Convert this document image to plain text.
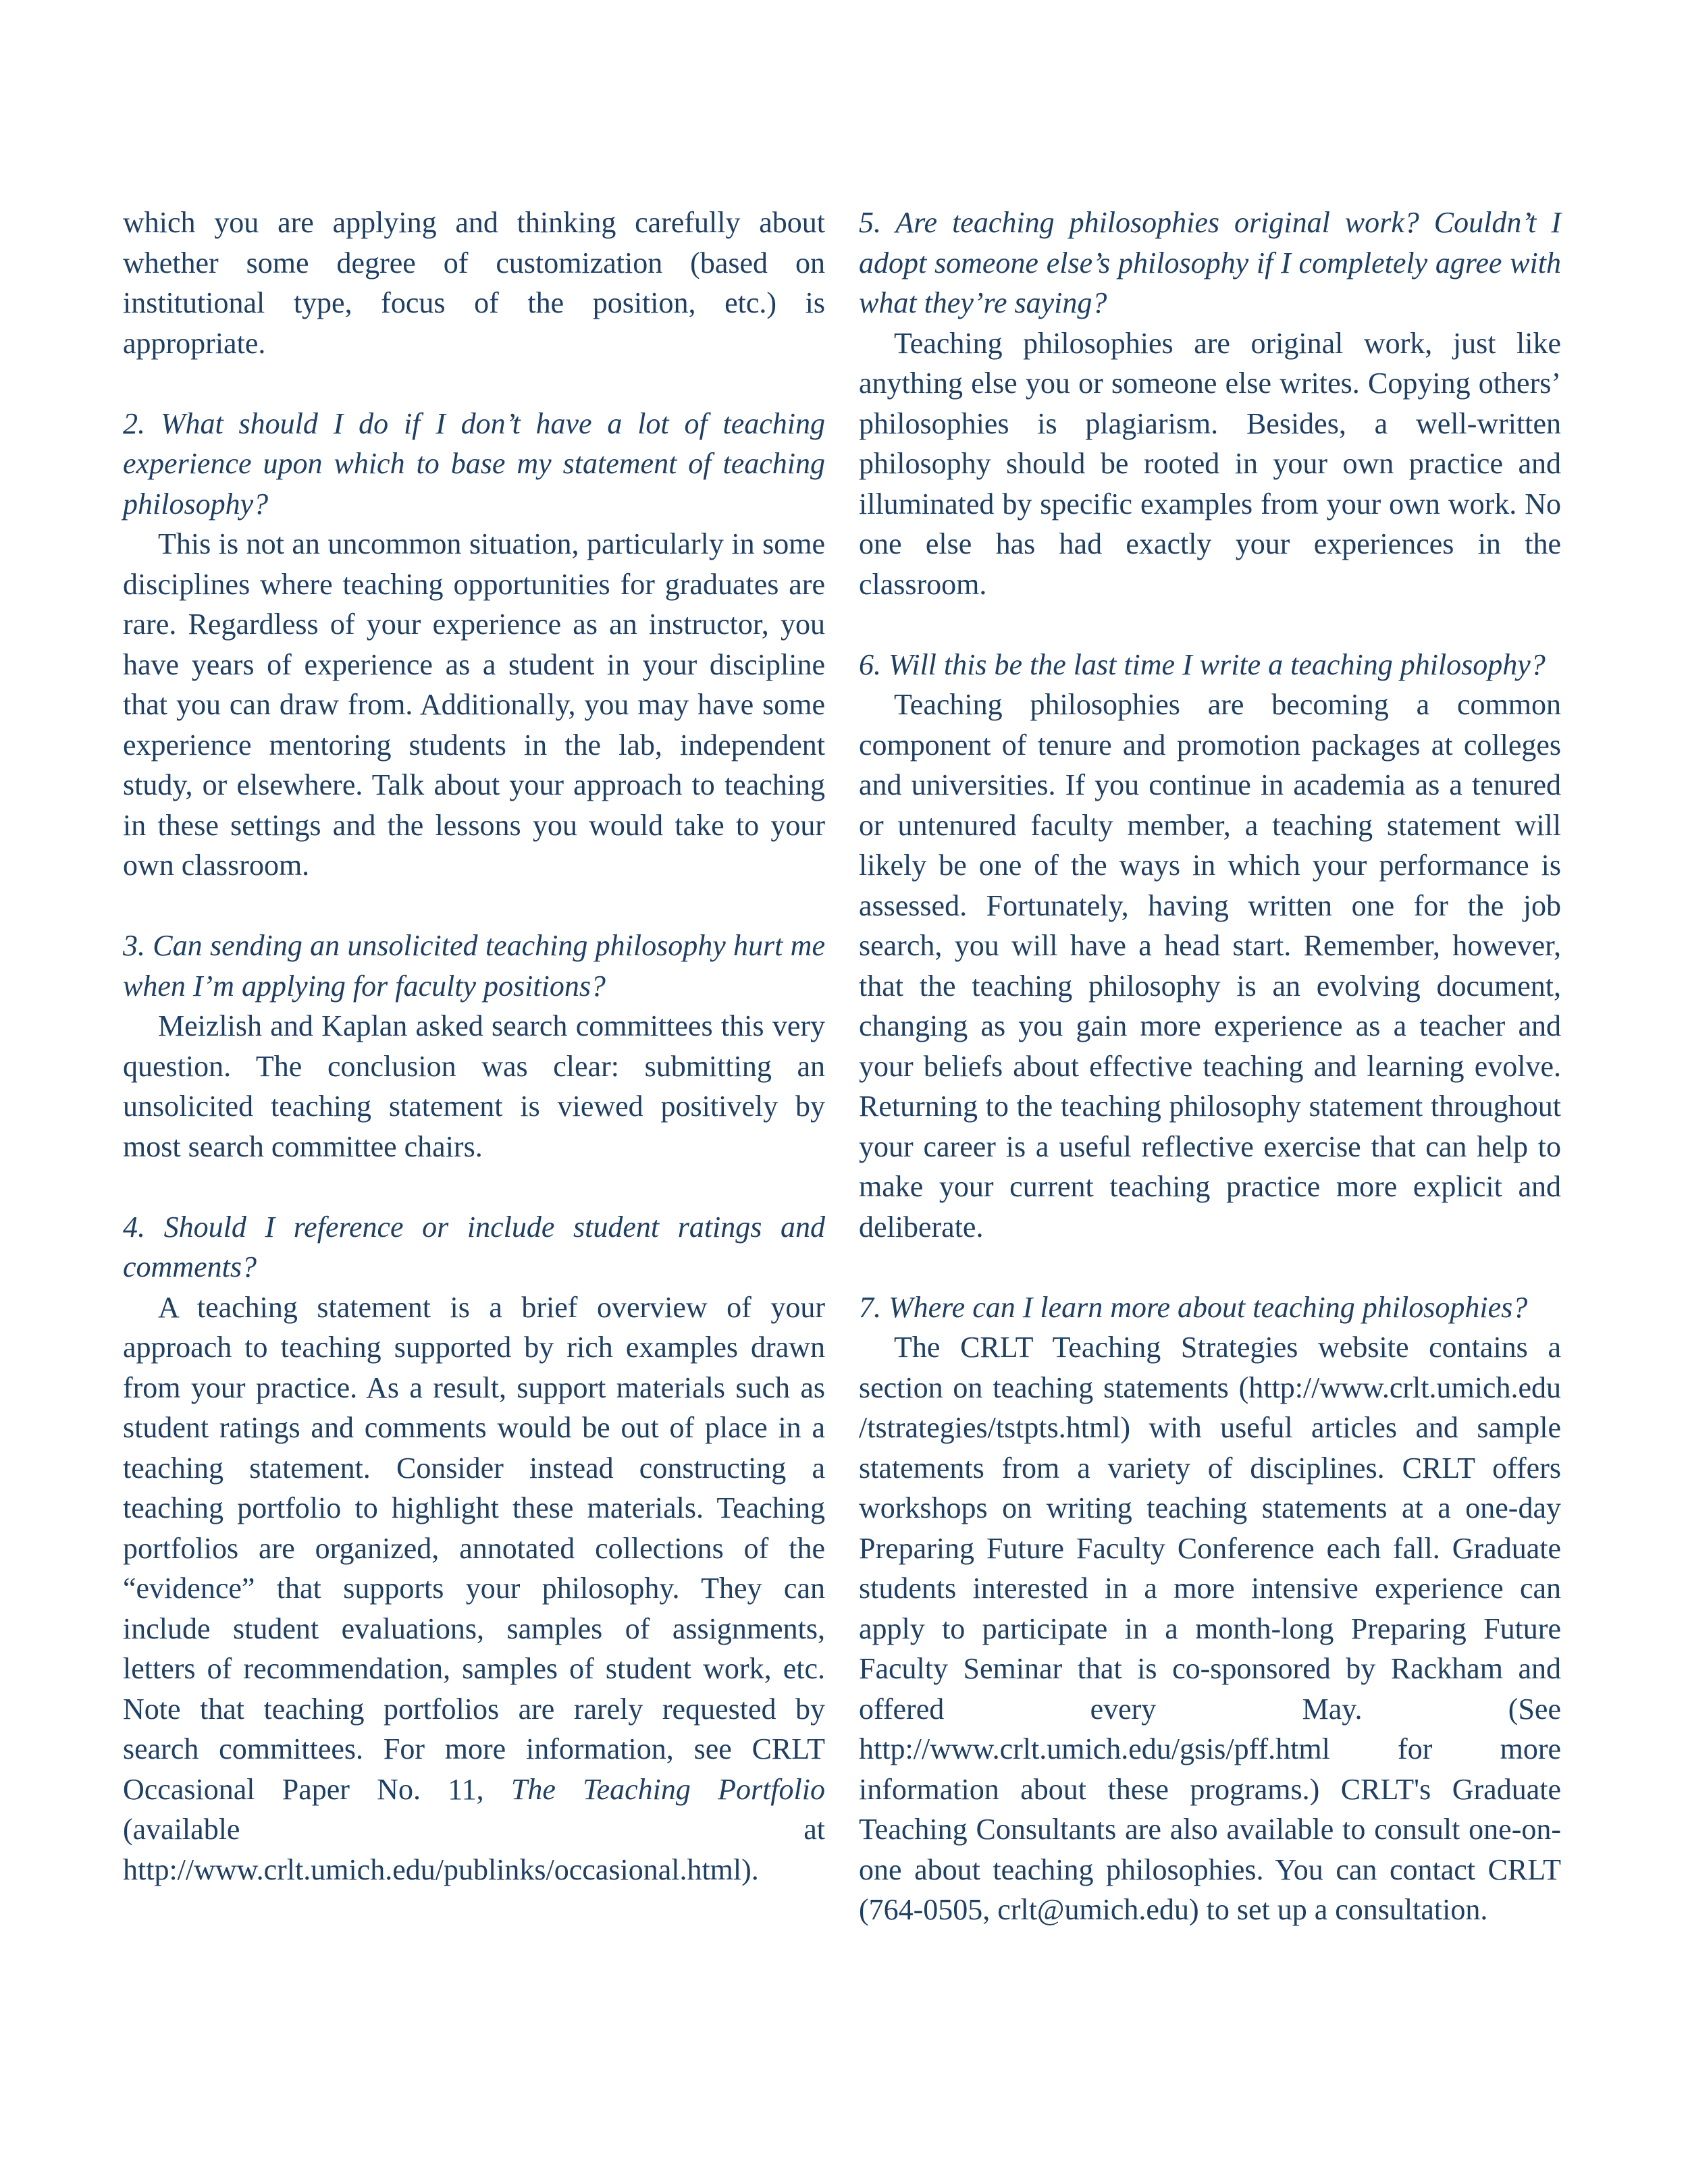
which you are applying and thinking carefully about whether some degree of customization (based on institutional type, focus of the position, etc.) is appropriate.

2. What should I do if I don’t have a lot of teaching experience upon which to base my statement of teaching philosophy?

This is not an uncommon situation, particularly in some disciplines where teaching opportunities for graduates are rare. Regardless of your experience as an instructor, you have years of experience as a student in your discipline that you can draw from. Additionally, you may have some experience mentoring students in the lab, independent study, or elsewhere. Talk about your approach to teaching in these settings and the lessons you would take to your own classroom.

3. Can sending an unsolicited teaching philosophy hurt me when I’m applying for faculty positions?

Meizlish and Kaplan asked search committees this very question. The conclusion was clear: submitting an unsolicited teaching statement is viewed positively by most search committee chairs.

4. Should I reference or include student ratings and comments?

A teaching statement is a brief overview of your approach to teaching supported by rich examples drawn from your practice. As a result, support materials such as student ratings and comments would be out of place in a teaching statement. Consider instead constructing a teaching portfolio to highlight these materials. Teaching portfolios are organized, annotated collections of the “evidence” that supports your philosophy. They can include student evaluations, samples of assignments, letters of recommendation, samples of student work, etc. Note that teaching portfolios are rarely requested by search committees. For more information, see CRLT Occasional Paper No. 11, The Teaching Portfolio (available at http://www.crlt.umich.edu/publinks/occasional.html).

5. Are teaching philosophies original work? Couldn’t I adopt someone else’s philosophy if I completely agree with what they’re saying?

Teaching philosophies are original work, just like anything else you or someone else writes. Copying others’ philosophies is plagiarism. Besides, a well-written philosophy should be rooted in your own practice and illuminated by specific examples from your own work. No one else has had exactly your experiences in the classroom.

6. Will this be the last time I write a teaching philosophy?

Teaching philosophies are becoming a common component of tenure and promotion packages at colleges and universities. If you continue in academia as a tenured or untenured faculty member, a teaching statement will likely be one of the ways in which your performance is assessed. Fortunately, having written one for the job search, you will have a head start. Remember, however, that the teaching philosophy is an evolving document, changing as you gain more experience as a teacher and your beliefs about effective teaching and learning evolve. Returning to the teaching philosophy statement throughout your career is a useful reflective exercise that can help to make your current teaching practice more explicit and deliberate.

7. Where can I learn more about teaching philosophies?

The CRLT Teaching Strategies website contains a section on teaching statements (http://www.crlt.umich.edu /tstrategies/tstpts.html) with useful articles and sample statements from a variety of disciplines. CRLT offers workshops on writing teaching statements at a one-day Preparing Future Faculty Conference each fall. Graduate students interested in a more intensive experience can apply to participate in a month-long Preparing Future Faculty Seminar that is co-sponsored by Rackham and offered every May. (See http://www.crlt.umich.edu/gsis/pff.html for more information about these programs.) CRLT's Graduate Teaching Consultants are also available to consult one-on-one about teaching philosophies. You can contact CRLT (764-0505, crlt@umich.edu) to set up a consultation.
